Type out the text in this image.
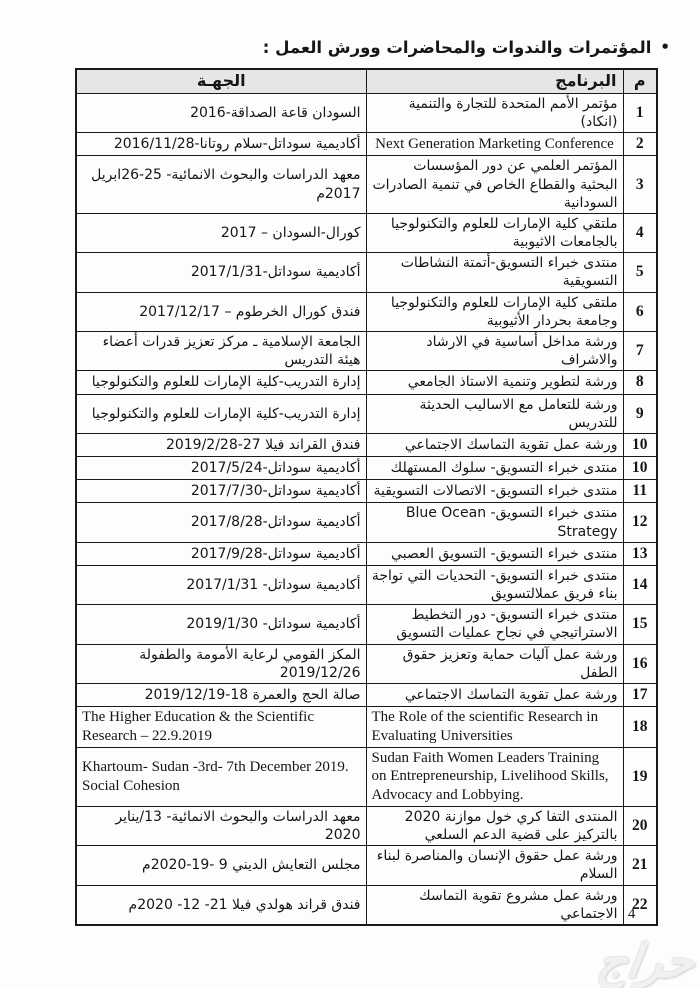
•
المؤتمرات والندوات والمحاضرات وورش العمل :
م	البرنامج	الجهـة
1	مؤتمر الأمم المتحدة للتجارة والتنمية (انكاد)	السودان قاعة الصداقة-2016
2	Next Generation Marketing Conference	أكاديمية سوداتل-سلام روتانا-2016/11/28
3	المؤتمر العلمي عن دور المؤسسات البحثية والقطاع الخاص في تنمية الصادرات السودانية	معهد الدراسات والبحوث الانمائية- 25-26ابريل 2017م
4	ملتقي كلية الإمارات للعلوم والتكنولوجيا بالجامعات الاثيوبية	كورال-السودان – 2017
5	منتدى خبراء التسويق-أتمتة النشاطات التسويقية	أكاديمية سوداتل-2017/1/31
6	ملتقى كلية الإمارات للعلوم والتكنولوجيا وجامعة بحردار الأثيوبية	فندق كورال الخرطوم – 2017/12/17
7	ورشة مداخل أساسية في الارشاد والاشراف	الجامعة الإسلامية ـ مركز تعزيز قدرات أعضاء هيئة التدريس
8	ورشة لتطوير وتنمية الاستاذ الجامعي	إدارة التدريب-كلية الإمارات للعلوم والتكنولوجيا
9	ورشة للتعامل مع الاساليب الحديثة للتدريس	إدارة التدريب-كلية الإمارات للعلوم والتكنولوجيا
10	ورشة عمل تقوية التماسك الاجتماعي	فندق القراند فيلا 27-2019/2/28
10	منتدى خبراء التسويق- سلوك المستهلك	أكاديمية سوداتل-2017/5/24
11	منتدى خبراء التسويق- الاتصالات التسويقية	أكاديمية سوداتل-2017/7/30
12	منتدى خبراء التسويق- Blue Ocean Strategy	أكاديمية سوداتل-2017/8/28
13	منتدى خبراء التسويق- التسويق العصبي	أكاديمية سوداتل-2017/9/28
14	منتدى خبراء التسويق- التحديات التي تواجة بناء فريق عملالتسويق	أكاديمية سوداتل- 2017/1/31
15	منتدى خبراء التسويق- دور التخطيط الاستراتيجي في نجاح عمليات التسويق	أكاديمية سوداتل- 2019/1/30
16	ورشة عمل آليات حماية وتعزيز حقوق الطفل	المكز القومي لرعاية الأمومة والطفولة 2019/12/26
17	ورشة عمل تقوية التماسك الاجتماعي	صالة الحج والعمرة 18-2019/12/19
18	The Role of the scientific Research in Evaluating Universities	The Higher Education & the Scientific Research – 22.9.2019
19	Sudan Faith Women Leaders Training on Entrepreneurship, Livelihood Skills, Advocacy and Lobbying.	Khartoum- Sudan -3rd- 7th December 2019. Social Cohesion
20	المنتدى التفا كري خول موازنة 2020 بالتركيز على قضية الدعم السلعي	معهد الدراسات والبحوث الانمائية- 13/يناير 2020
21	ورشة عمل حقوق الإنسان والمناصرة لبناء السلام	مجلس التعايش الديني 9 -19-2020م
22	ورشة عمل مشروع تقوية التماسك الاجتماعي	فندق قراند هولدي فيلا 21- 12- 2020م
4
حراج
